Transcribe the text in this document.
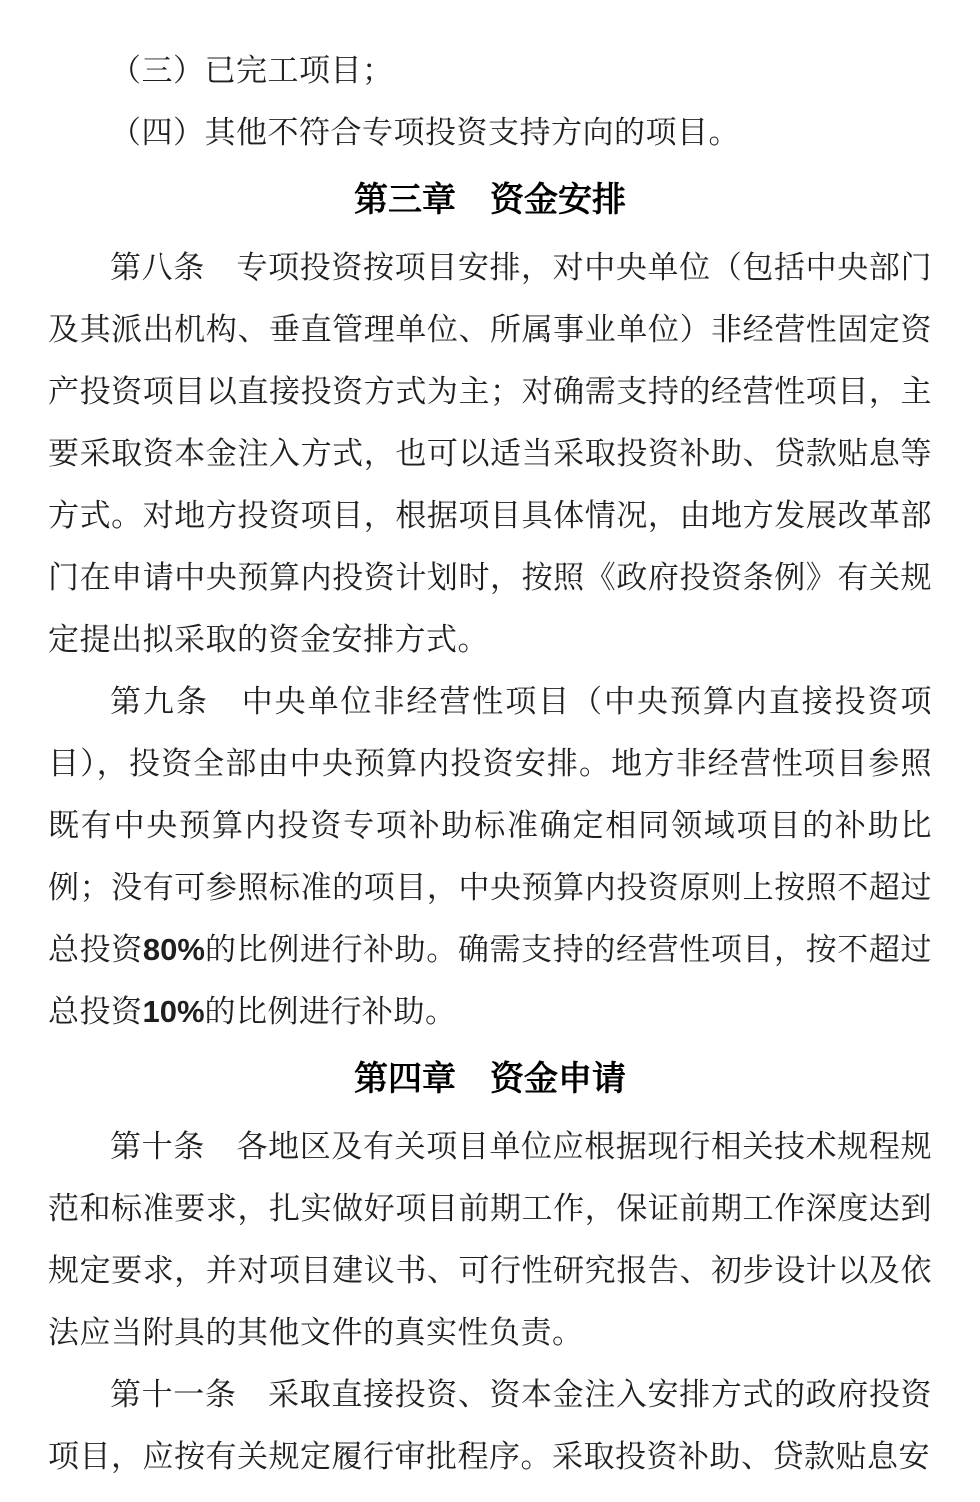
（三）已完工项目；

（四）其他不符合专项投资支持方向的项目。

第三章　资金安排

第八条　专项投资按项目安排，对中央单位（包括中央部门及其派出机构、垂直管理单位、所属事业单位）非经营性固定资产投资项目以直接投资方式为主；对确需支持的经营性项目，主要采取资本金注入方式，也可以适当采取投资补助、贷款贴息等方式。对地方投资项目，根据项目具体情况，由地方发展改革部门在申请中央预算内投资计划时，按照《政府投资条例》有关规定提出拟采取的资金安排方式。

第九条　中央单位非经营性项目（中央预算内直接投资项目），投资全部由中央预算内投资安排。地方非经营性项目参照既有中央预算内投资专项补助标准确定相同领域项目的补助比例；没有可参照标准的项目，中央预算内投资原则上按照不超过总投资80%的比例进行补助。确需支持的经营性项目，按不超过总投资10%的比例进行补助。

第四章　资金申请

第十条　各地区及有关项目单位应根据现行相关技术规程规范和标准要求，扎实做好项目前期工作，保证前期工作深度达到规定要求，并对项目建议书、可行性研究报告、初步设计以及依法应当附具的其他文件的真实性负责。

第十一条　采取直接投资、资本金注入安排方式的政府投资项目，应按有关规定履行审批程序。采取投资补助、贷款贴息安
